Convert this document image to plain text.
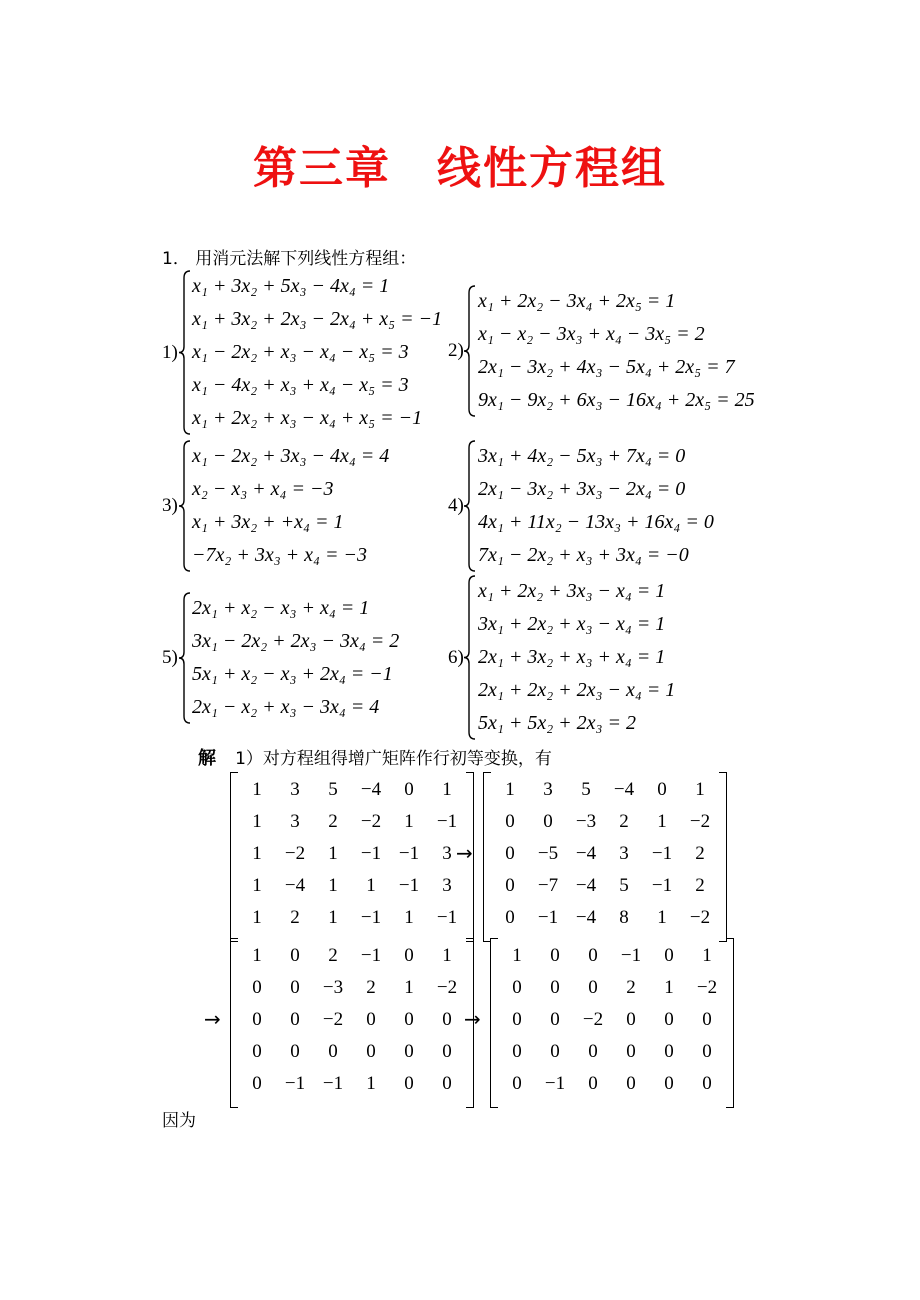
第三章　线性方程组
1． 用消元法解下列线性方程组：
1)
x₁ + 3x₂ + 5x₃ − 4x₄ = 1
x₁ + 3x₂ + 2x₃ − 2x₄ + x₅ = −1
x₁ − 2x₂ + x₃ − x₄ − x₅ = 3
x₁ − 4x₂ + x₃ + x₄ − x₅ = 3
x₁ + 2x₂ + x₃ − x₄ + x₅ = −1
2)
x₁ + 2x₂ − 3x₄ + 2x₅ = 1
x₁ − x₂ − 3x₃ + x₄ − 3x₅ = 2
2x₁ − 3x₂ + 4x₃ − 5x₄ + 2x₅ = 7
9x₁ − 9x₂ + 6x₃ − 16x₄ + 2x₅ = 25
3)
x₁ − 2x₂ + 3x₃ − 4x₄ = 4
x₂ − x₃ + x₄ = −3
x₁ + 3x₂ + +x₄ = 1
−7x₂ + 3x₃ + x₄ = −3
4)
3x₁ + 4x₂ − 5x₃ + 7x₄ = 0
2x₁ − 3x₂ + 3x₃ − 2x₄ = 0
4x₁ + 11x₂ − 13x₃ + 16x₄ = 0
7x₁ − 2x₂ + x₃ + 3x₄ = −0
5)
2x₁ + x₂ − x₃ + x₄ = 1
3x₁ − 2x₂ + 2x₃ − 3x₄ = 2
5x₁ + x₂ − x₃ + 2x₄ = −1
2x₁ − x₂ + x₃ − 3x₄ = 4
6)
x₁ + 2x₂ + 3x₃ − x₄ = 1
3x₁ + 2x₂ + x₃ − x₄ = 1
2x₁ + 3x₂ + x₃ + x₄ = 1
2x₁ + 2x₂ + 2x₃ − x₄ = 1
5x₁ + 5x₂ + 2x₃ = 2
解 1）对方程组得增广矩阵作行初等变换，有
1	3	5	−4	0	1
1	3	2	−2	1	−1
1	−2	1	−1 −1	3
1	−4	1	1	−1	3
1	2	1	−1	1	−1
→
1	3	5	−4	0	1
0	0	−3	2	1	−2
0	−5 −4	3	−1	2
0	−7 −4	5	−1	2
0	−1 −4	8	1	−2
→
1	0	2	−1	0	1
0	0	−3	2	1	−2
0	0	−2	0	0	0
0	0	0	0	0	0
0	−1 −1	1	0	0
→
1	0	0	−1	0	1
0	0	0	2	1	−2
0	0	−2	0	0	0
0	0	0	0	0	0
0	−1	0	0	0	0
因为
